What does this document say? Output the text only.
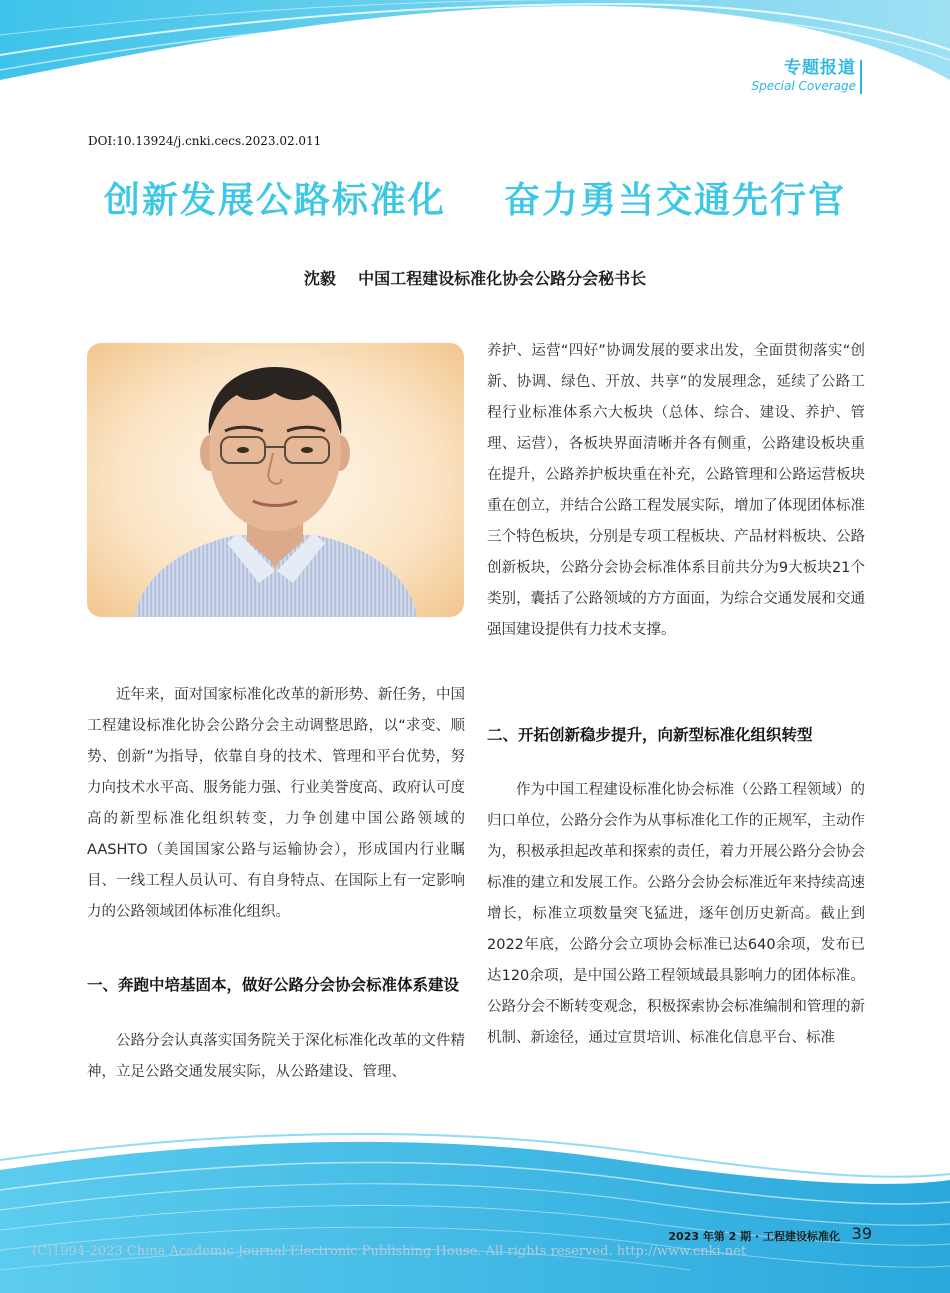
专题报道
Special Coverage
DOI:10.13924/j.cnki.cecs.2023.02.011
创新发展公路标准化    奋力勇当交通先行官
沈毅    中国工程建设标准化协会公路分会秘书长

近年来，面对国家标准化改革的新形势、新任务，中国工程建设标准化协会公路分会主动调整思路，以“求变、顺势、创新”为指导，依靠自身的技术、管理和平台优势，努力向技术水平高、服务能力强、行业美誉度高、政府认可度高的新型标准化组织转变，力争创建中国公路领域的AASHTO（美国国家公路与运输协会），形成国内行业瞩目、一线工程人员认可、有自身特点、在国际上有一定影响力的公路领域团体标准化组织。

一、奔跑中培基固本，做好公路分会协会标准体系建设

公路分会认真落实国务院关于深化标准化改革的文件精神，立足公路交通发展实际，从公路建设、管理、

养护、运营“四好”协调发展的要求出发，全面贯彻落实“创新、协调、绿色、开放、共享”的发展理念，延续了公路工程行业标准体系六大板块（总体、综合、建设、养护、管理、运营），各板块界面清晰并各有侧重，公路建设板块重在提升，公路养护板块重在补充，公路管理和公路运营板块重在创立，并结合公路工程发展实际，增加了体现团体标准三个特色板块，分别是专项工程板块、产品材料板块、公路创新板块，公路分会协会标准体系目前共分为9大板块21个类别，囊括了公路领域的方方面面，为综合交通发展和交通强国建设提供有力技术支撑。

二、开拓创新稳步提升，向新型标准化组织转型

作为中国工程建设标准化协会标准（公路工程领域）的归口单位，公路分会作为从事标准化工作的正规军，主动作为，积极承担起改革和探索的责任，着力开展公路分会协会标准的建立和发展工作。公路分会协会标准近年来持续高速增长，标准立项数量突飞猛进，逐年创历史新高。截止到2022年底，公路分会立项协会标准已达640余项，发布已达120余项，是中国公路工程领域最具影响力的团体标准。公路分会不断转变观念，积极探索协会标准编制和管理的新机制、新途径，通过宣贯培训、标准化信息平台、标准

2023 年第 2 期 · 工程建设标准化 39
(C)1994-2023 China Academic Journal Electronic Publishing House. All rights reserved. http://www.cnki.net
